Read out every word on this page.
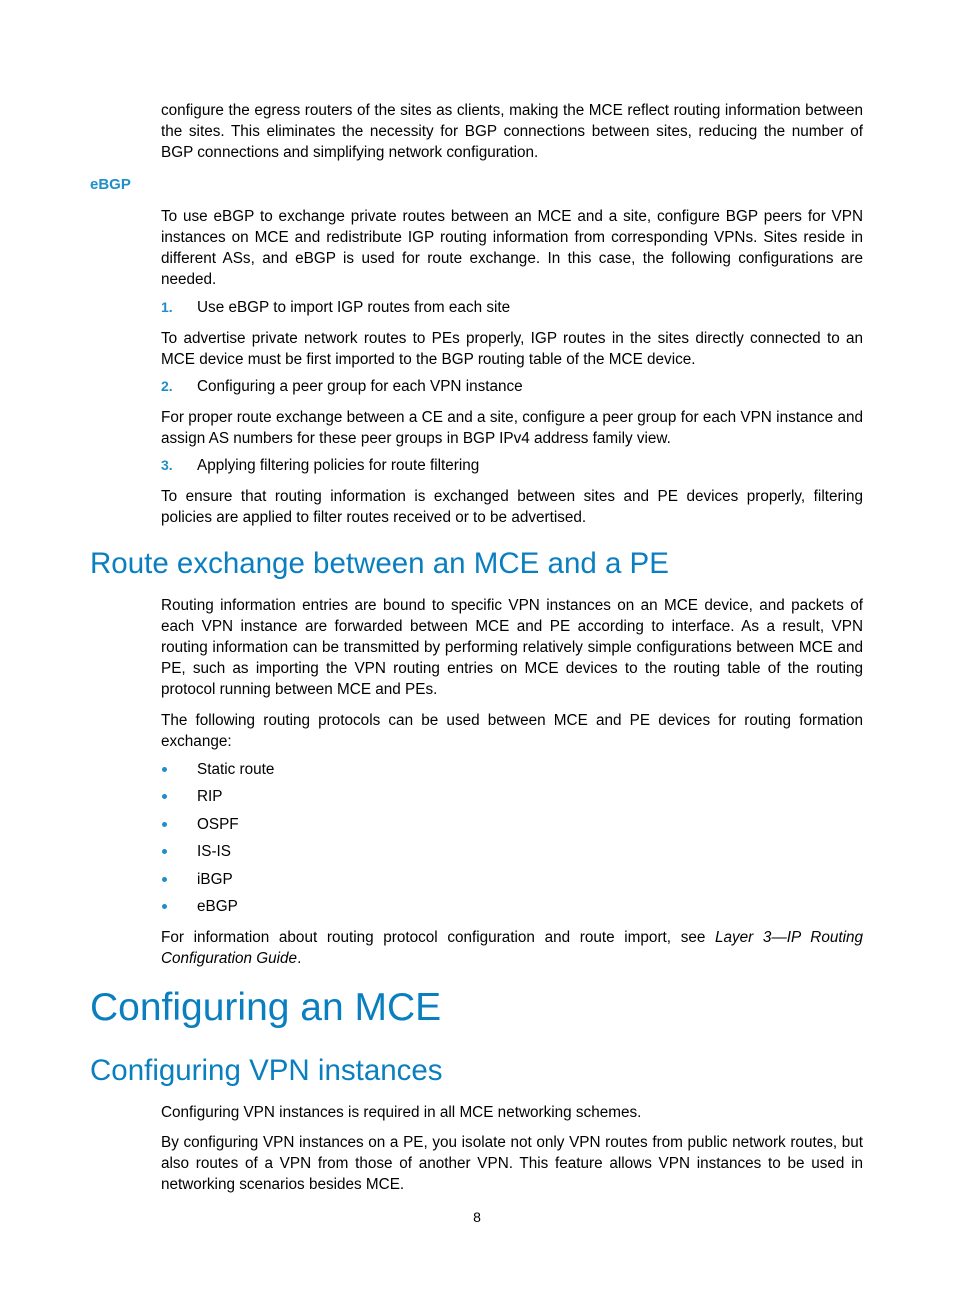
configure the egress routers of the sites as clients, making the MCE reflect routing information between the sites. This eliminates the necessity for BGP connections between sites, reducing the number of BGP connections and simplifying network configuration.
eBGP
To use eBGP to exchange private routes between an MCE and a site, configure BGP peers for VPN instances on MCE and redistribute IGP routing information from corresponding VPNs. Sites reside in different ASs, and eBGP is used for route exchange. In this case, the following configurations are needed.
1. Use eBGP to import IGP routes from each site
To advertise private network routes to PEs properly, IGP routes in the sites directly connected to an MCE device must be first imported to the BGP routing table of the MCE device.
2. Configuring a peer group for each VPN instance
For proper route exchange between a CE and a site, configure a peer group for each VPN instance and assign AS numbers for these peer groups in BGP IPv4 address family view.
3. Applying filtering policies for route filtering
To ensure that routing information is exchanged between sites and PE devices properly, filtering policies are applied to filter routes received or to be advertised.
Route exchange between an MCE and a PE
Routing information entries are bound to specific VPN instances on an MCE device, and packets of each VPN instance are forwarded between MCE and PE according to interface. As a result, VPN routing information can be transmitted by performing relatively simple configurations between MCE and PE, such as importing the VPN routing entries on MCE devices to the routing table of the routing protocol running between MCE and PEs.
The following routing protocols can be used between MCE and PE devices for routing formation exchange:
Static route
RIP
OSPF
IS-IS
iBGP
eBGP
For information about routing protocol configuration and route import, see Layer 3—IP Routing Configuration Guide.
Configuring an MCE
Configuring VPN instances
Configuring VPN instances is required in all MCE networking schemes.
By configuring VPN instances on a PE, you isolate not only VPN routes from public network routes, but also routes of a VPN from those of another VPN. This feature allows VPN instances to be used in networking scenarios besides MCE.
8
